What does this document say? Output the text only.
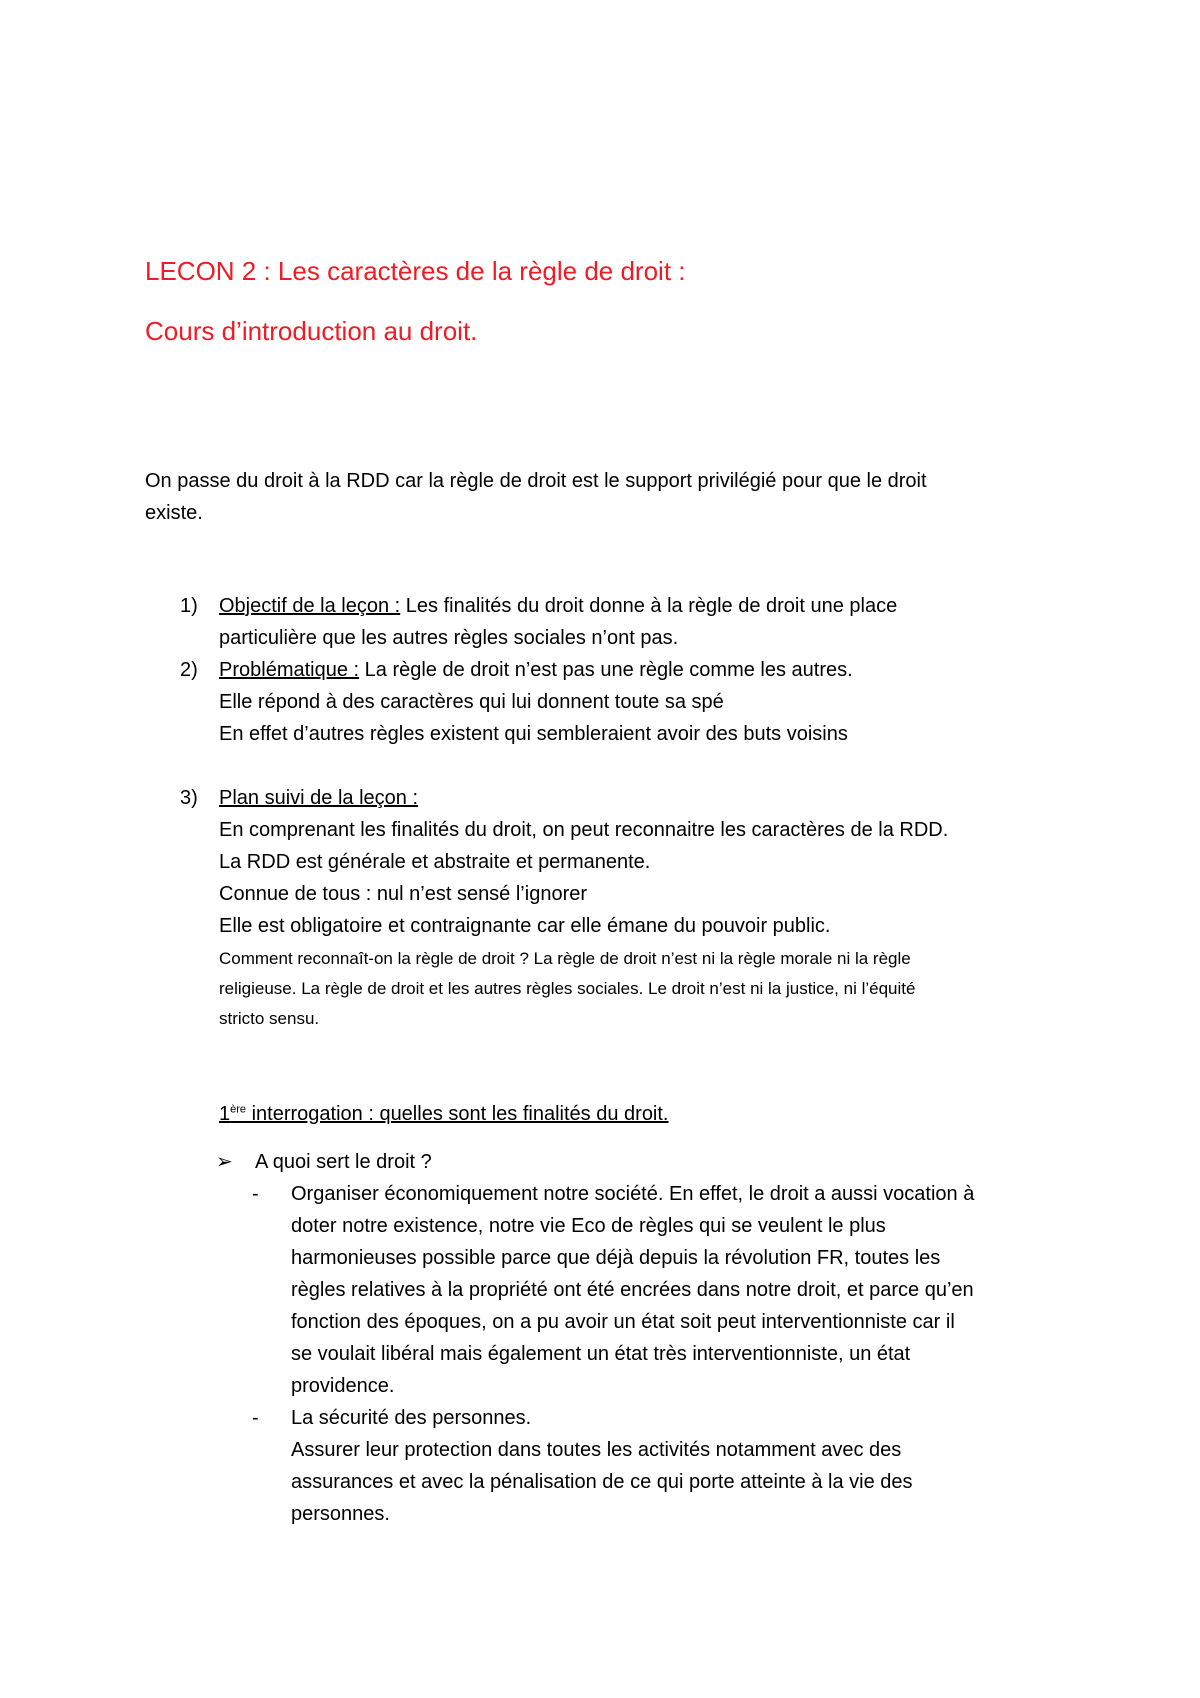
LECON 2 : Les caractères de la règle de droit :
Cours d’introduction au droit.
On passe du droit à la RDD car la règle de droit est le support privilégié pour que le droit
existe.
1) Objectif de la leçon : Les finalités du droit donne à la règle de droit une place
particulière que les autres règles sociales n’ont pas.
2) Problématique : La règle de droit n’est pas une règle comme les autres.
Elle répond à des caractères qui lui donnent toute sa spé
En effet d’autres règles existent qui sembleraient avoir des buts voisins
3) Plan suivi de la leçon :
En comprenant les finalités du droit, on peut reconnaitre les caractères de la RDD.
La RDD est générale et abstraite et permanente.
Connue de tous : nul n’est sensé l’ignorer
Elle est obligatoire et contraignante car elle émane du pouvoir public.
Comment reconnaît-on la règle de droit ? La règle de droit n’est ni la règle morale ni la règle
religieuse. La règle de droit et les autres règles sociales. Le droit n’est ni la justice, ni l’équité
stricto sensu.
1ère interrogation : quelles sont les finalités du droit.
➢ A quoi sert le droit ?
- Organiser économiquement notre société. En effet, le droit a aussi vocation à
doter notre existence, notre vie Eco de règles qui se veulent le plus
harmonieuses possible parce que déjà depuis la révolution FR, toutes les
règles relatives à la propriété ont été encrées dans notre droit, et parce qu’en
fonction des époques, on a pu avoir un état soit peut interventionniste car il
se voulait libéral mais également un état très interventionniste, un état
providence.
- La sécurité des personnes.
Assurer leur protection dans toutes les activités notamment avec des
assurances et avec la pénalisation de ce qui porte atteinte à la vie des
personnes.
